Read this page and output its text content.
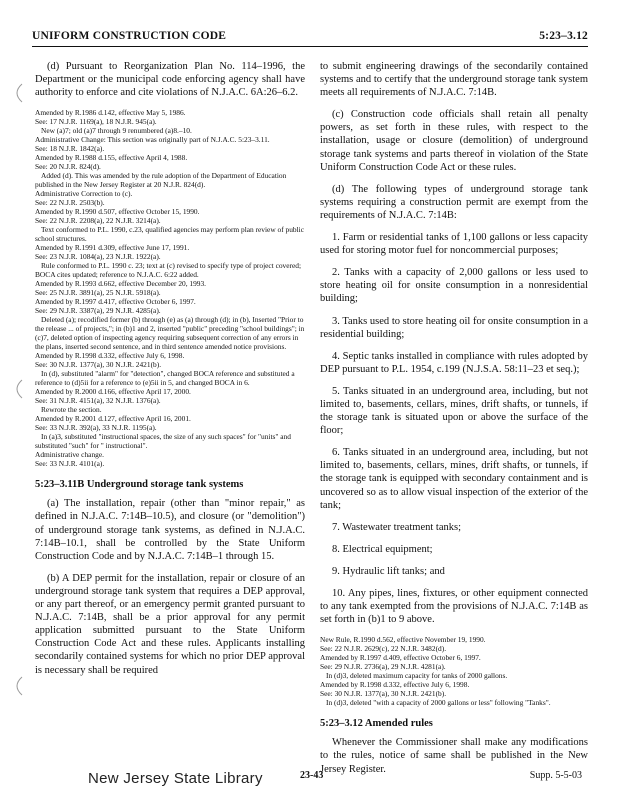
UNIFORM CONSTRUCTION CODE	5:23–3.12

(d) Pursuant to Reorganization Plan No. 114–1996, the Department or the municipal code enforcing agency shall have authority to enforce and cite violations of N.J.A.C. 6A:26–6.2.

Amended by R.1986 d.142, effective May 5, 1986.
See: 17 N.J.R. 1169(a), 18 N.J.R. 945(a).
New (a)7; old (a)7 through 9 renumbered (a)8.–10.
Administrative Change: This section was originally part of N.J.A.C. 5:23–3.11.
See: 18 N.J.R. 1842(a).
Amended by R.1988 d.155, effective April 4, 1988.
See: 20 N.J.R. 824(d).
Added (d). This was amended by the rule adoption of the Department of Education published in the New Jersey Register at 20 N.J.R. 824(d).
Administrative Correction to (c).
See: 22 N.J.R. 2503(b).
Amended by R.1990 d.507, effective October 15, 1990.
See: 22 N.J.R. 2208(a), 22 N.J.R. 3214(a).
Text conformed to P.L. 1990, c.23, qualified agencies may perform plan review of public school structures.
Amended by R.1991 d.309, effective June 17, 1991.
See: 23 N.J.R. 1084(a), 23 N.J.R. 1922(a).
Rule conformed to P.L. 1990 c. 23; text at (c) revised to specify type of project covered; BOCA cites updated; reference to N.J.A.C. 6:22 added.
Amended by R.1993 d.662, effective December 20, 1993.
See: 25 N.J.R. 3891(a), 25 N.J.R. 5918(a).
Amended by R.1997 d.417, effective October 6, 1997.
See: 29 N.J.R. 3387(a), 29 N.J.R. 4285(a).
Deleted (a); recodified former (b) through (e) as (a) through (d); in (b), Inserted "Prior to the release ... of projects,"; in (b)1 and 2, inserted "public" preceding "school buildings"; in (c)7, deleted option of inspecting agency requiring subsequent correction of any errors in the plans, inserted second sentence, and in third sentence amended notice provisions.
Amended by R.1998 d.332, effective July 6, 1998.
See: 30 N.J.R. 1377(a), 30 N.J.R. 2421(b).
In (d), substituted "alarm" for "detection", changed BOCA reference and substituted a reference to (d)5ii for a reference to (e)5ii in 5, and changed BOCA in 6.
Amended by R.2000 d.166, effective April 17, 2000.
See: 31 N.J.R. 4151(a), 32 N.J.R. 1376(a).
Rewrote the section.
Amended by R.2001 d.127, effective April 16, 2001.
See: 33 N.J.R. 392(a), 33 N.J.R. 1195(a).
In (a)3, substituted "instructional spaces, the size of any such spaces" for "units" and substituted "such" for " instructional".
Administrative change.
See: 33 N.J.R. 4101(a).
5:23–3.11B Underground storage tank systems

(a) The installation, repair (other than "minor repair," as defined in N.J.A.C. 7:14B–10.5), and closure (or "demolition") of underground storage tank systems, as defined in N.J.A.C. 7:14B–10.1, shall be controlled by the State Uniform Construction Code and by N.J.A.C. 7:14B–1 through 15.

(b) A DEP permit for the installation, repair or closure of an underground storage tank system that requires a DEP approval, or any part thereof, or an emergency permit granted pursuant to N.J.A.C. 7:14B, shall be a prior approval for any permit application submitted pursuant to the State Uniform Construction Code Act and these rules. Applicants installing secondarily contained systems for which no prior DEP approval is necessary shall be required

to submit engineering drawings of the secondarily contained systems and to certify that the underground storage tank system meets all requirements of N.J.A.C. 7:14B.

(c) Construction code officials shall retain all penalty powers, as set forth in these rules, with respect to the installation, usage or closure (demolition) of underground storage tank systems and parts thereof in violation of the State Uniform Construction Code Act or these rules.

(d) The following types of underground storage tank systems requiring a construction permit are exempt from the requirements of N.J.A.C. 7:14B:

1. Farm or residential tanks of 1,100 gallons or less capacity used for storing motor fuel for noncommercial purposes;

2. Tanks with a capacity of 2,000 gallons or less used to store heating oil for onsite consumption in a nonresidential building;

3. Tanks used to store heating oil for onsite consumption in a residential building;

4. Septic tanks installed in compliance with rules adopted by DEP pursuant to P.L. 1954, c.199 (N.J.S.A. 58:11–23 et seq.);

5. Tanks situated in an underground area, including, but not limited to, basements, cellars, mines, drift shafts, or tunnels, if the storage tank is situated upon or above the surface of the floor;

6. Tanks situated in an underground area, including, but not limited to, basements, cellars, mines, drift shafts, or tunnels, if the storage tank is equipped with secondary containment and is uncovered so as to allow visual inspection of the exterior of the tank;

7. Wastewater treatment tanks;

8. Electrical equipment;

9. Hydraulic lift tanks; and

10. Any pipes, lines, fixtures, or other equipment connected to any tank exempted from the provisions of N.J.A.C. 7:14B as set forth in (b)1 to 9 above.

New Rule, R.1990 d.562, effective November 19, 1990.
See: 22 N.J.R. 2629(c), 22 N.J.R. 3482(d).
Amended by R.1997 d.409, effective October 6, 1997.
See: 29 N.J.R. 2736(a), 29 N.J.R. 4281(a).
In (d)3, deleted maximum capacity for tanks of 2000 gallons.
Amended by R.1998 d.332, effective July 6, 1998.
See: 30 N.J.R. 1377(a), 30 N.J.R. 2421(b).
In (d)3, deleted "with a capacity of 2000 gallons or less" following "Tanks".
5:23–3.12 Amended rules

Whenever the Commissioner shall make any modifications to the rules, notice of same shall be published in the New Jersey Register.

New Jersey State Library	23-43	Supp. 5-5-03
